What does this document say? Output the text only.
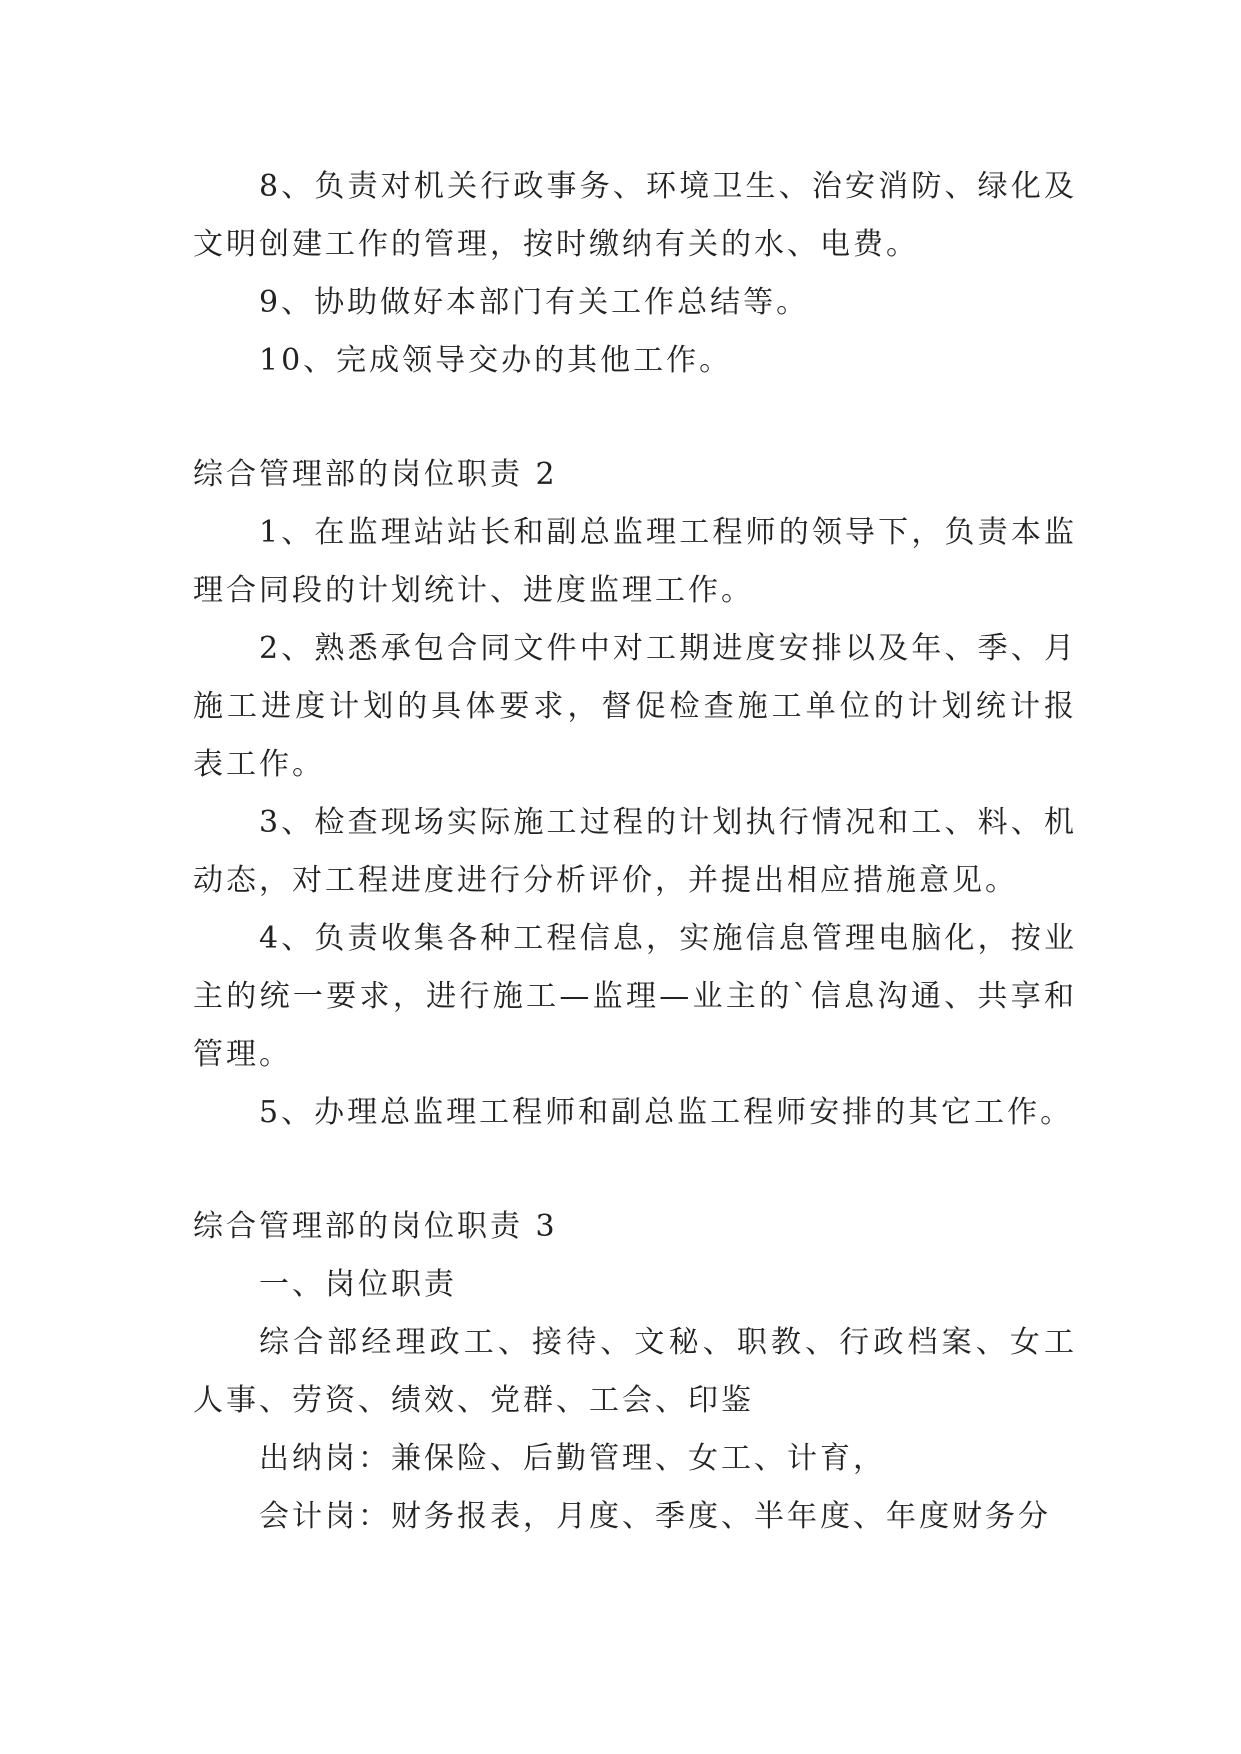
8、负责对机关行政事务、环境卫生、治安消防、绿化及文明创建工作的管理，按时缴纳有关的水、电费。

9、协助做好本部门有关工作总结等。

10、完成领导交办的其他工作。

综合管理部的岗位职责 2

1、在监理站站长和副总监理工程师的领导下，负责本监理合同段的计划统计、进度监理工作。

2、熟悉承包合同文件中对工期进度安排以及年、季、月施工进度计划的具体要求，督促检查施工单位的计划统计报表工作。

3、检查现场实际施工过程的计划执行情况和工、料、机动态，对工程进度进行分析评价，并提出相应措施意见。

4、负责收集各种工程信息，实施信息管理电脑化，按业主的统一要求，进行施工—监理—业主的`信息沟通、共享和管理。

5、办理总监理工程师和副总监工程师安排的其它工作。

综合管理部的岗位职责 3

一、岗位职责

综合部经理政工、接待、文秘、职教、行政档案、女工人事、劳资、绩效、党群、工会、印鉴

出纳岗：兼保险、后勤管理、女工、计育，

会计岗：财务报表，月度、季度、半年度、年度财务分
